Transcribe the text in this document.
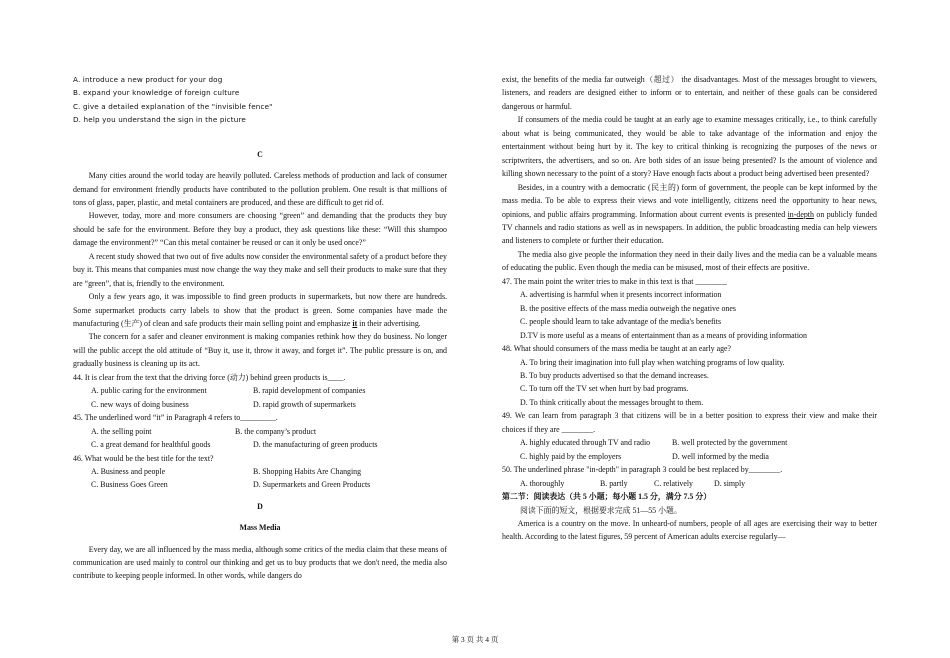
A. introduce a new product for your dog

B. expand your knowledge of foreign culture

C. give a detailed explanation of the "invisible fence"

D. help you understand the sign in the picture

C

Many cities around the world today are heavily polluted. Careless methods of production and lack of consumer demand for environment friendly products have contributed to the pollution problem. One result is that millions of tons of glass, paper, plastic, and metal containers are produced, and these are difficult to get rid of.

However, today, more and more consumers are choosing “green” and demanding that the products they buy should be safe for the environment. Before they buy a product, they ask questions like these: “Will this shampoo damage the environment?” “Can this metal container be reused or can it only be used once?”

A recent study showed that two out of five adults now consider the environmental safety of a product before they buy it. This means that companies must now change the way they make and sell their products to make sure that they are “green”, that is, friendly to the environment.

Only a few years ago, it was impossible to find green products in supermarkets, but now there are hundreds. Some supermarket products carry labels to show that the product is green. Some companies have made the manufacturing (生产) of clean and safe products their main selling point and emphasize it in their advertising.

The concern for a safer and cleaner environment is making companies rethink how they do business. No longer will the public accept the old attitude of “Buy it, use it, throw it away, and forget it”. The public pressure is on, and gradually business is cleaning up its act.

44. It is clear from the text that the driving force (动力) behind green products is____.

A. public caring for the environment	B. rapid development of companies
C. new ways of doing business	D. rapid growth of supermarkets

45. The underlined word “it” in Paragraph 4 refers to_________.

A. the selling point	B. the company’s product
C. a great demand for healthful goods	D. the manufacturing of green products

46. What would be the best title for the text?

A. Business and people	B. Shopping Habits Are Changing
C. Business Goes Green	D. Supermarkets and Green Products

D

Mass Media

Every day, we are all influenced by the mass media, although some critics of the media claim that these means of communication are used mainly to control our thinking and get us to buy products that we don't need, the media also contribute to keeping people informed. In other words, while dangers do

exist, the benefits of the media far outweigh（超过） the disadvantages. Most of the messages brought to viewers, listeners, and readers are designed either to inform or to entertain, and neither of these goals can be considered dangerous or harmful.

If consumers of the media could be taught at an early age to examine messages critically, i.e., to think carefully about what is being communicated, they would be able to take advantage of the information and enjoy the entertainment without being hurt by it. The key to critical thinking is recognizing the purposes of the news or scriptwriters, the advertisers, and so on. Are both sides of an issue being presented? Is the amount of violence and killing shown necessary to the point of a story? Have enough facts about a product being advertised been presented?

Besides, in a country with a democratic (民主的) form of government, the people can be kept informed by the mass media. To be able to express their views and vote intelligently, citizens need the opportunity to hear news, opinions, and public affairs programming. Information about current events is presented in-depth on publicly funded TV channels and radio stations as well as in newspapers. In addition, the public broadcasting media can help viewers and listeners to complete or further their education.

The media also give people the information they need in their daily lives and the media can be a valuable means of educating the public. Even though the media can be misused, most of their effects are positive.

47. The main point the writer tries to make in this text is that ________

A. advertising is harmful when it presents incorrect information

B. the positive effects of the mass media outweigh the negative ones

C. people should learn to take advantage of the media's benefits

D.TV is more useful as a means of entertainment than as a means of providing information

48. What should consumers of the mass media be taught at an early age?

A. To bring their imagination into full play when watching programs of low quality.

B. To buy products advertised so that the demand increases.

C. To turn off the TV set when hurt by bad programs.

D. To think critically about the messages brought to them.

49. We can learn from paragraph 3 that citizens will be in a better position to express their view and make their choices if they are ________.

A. highly educated through TV and radio	B. well protected by the government
C. highly paid by the employers	D. well informed by the media

50. The underlined phrase "in-depth" in paragraph 3 could be best replaced by________.

A. thoroughly	B. partly	C. relatively	D. simply

第二节：阅读表达（共 5 小题；每小题 1.5 分，满分 7.5 分）

阅读下面的短文，根据要求完成 51—55 小题。

America is a country on the move. In unheard-of numbers, people of all ages are exercising their way to better health. According to the latest figures, 59 percent of American adults exercise regularly—

第 3 页 共 4 页
